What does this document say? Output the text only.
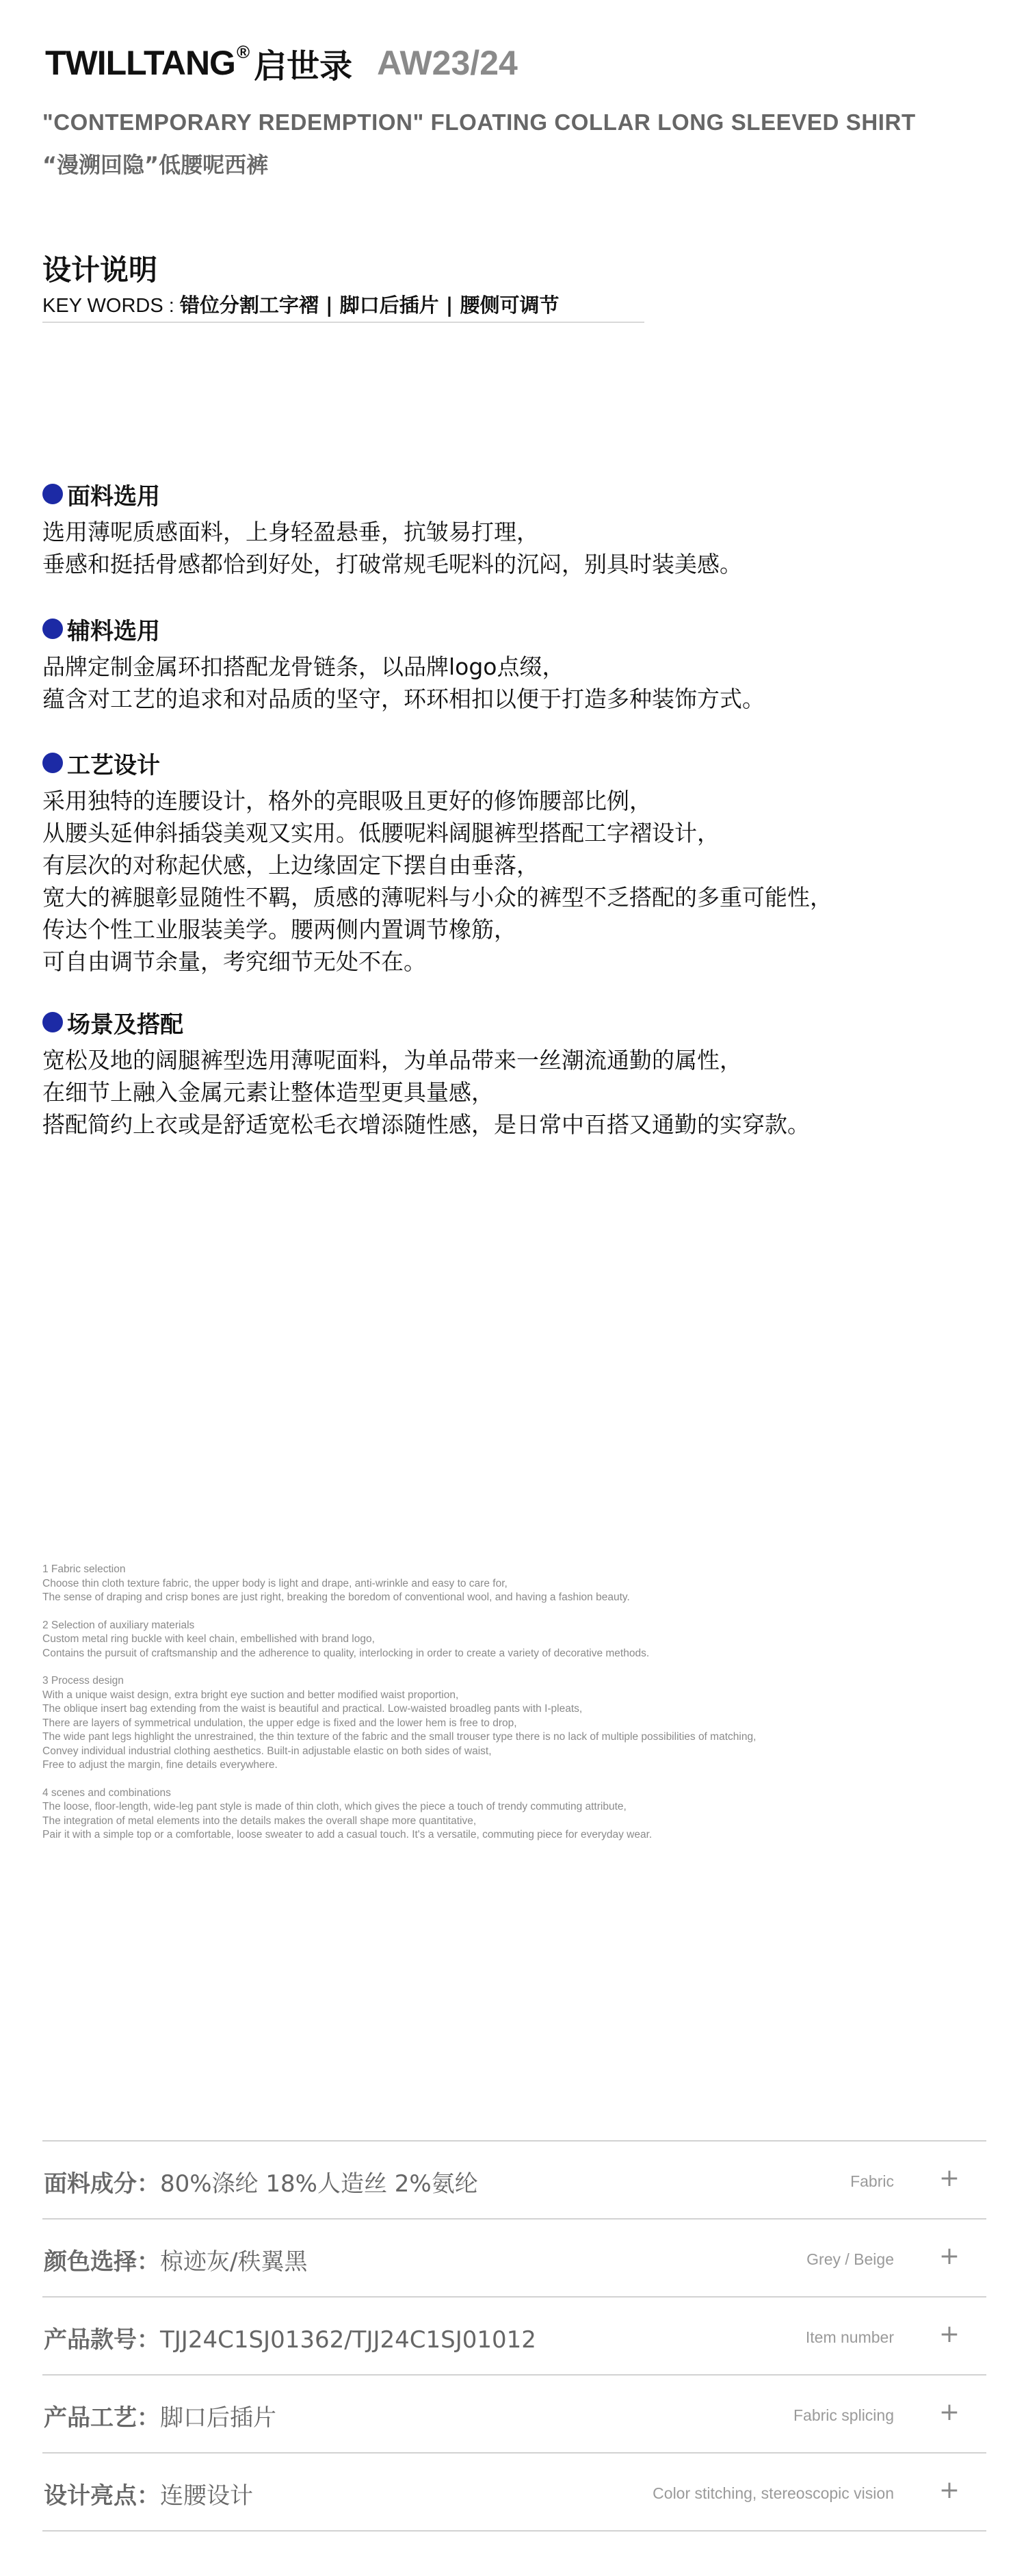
TWILLTANG ® 启世录 AW23/24
"CONTEMPORARY REDEMPTION" FLOATING COLLAR LONG SLEEVED SHIRT
“漫溯回隐”低腰呢西裤
设计说明
KEY WORDS : 错位分割工字褶 | 脚口后插片 | 腰侧可调节
面料选用
选用薄呢质感面料，上身轻盈悬垂，抗皱易打理，
垂感和挺括骨感都恰到好处，打破常规毛呢料的沉闷，别具时装美感。
辅料选用
品牌定制金属环扣搭配龙骨链条，以品牌logo点缀，
蕴含对工艺的追求和对品质的坚守，环环相扣以便于打造多种装饰方式。
工艺设计
采用独特的连腰设计，格外的亮眼吸且更好的修饰腰部比例，
从腰头延伸斜插袋美观又实用。低腰呢料阔腿裤型搭配工字褶设计，
有层次的对称起伏感，上边缘固定下摆自由垂落，
宽大的裤腿彰显随性不羁，质感的薄呢料与小众的裤型不乏搭配的多重可能性，
传达个性工业服装美学。腰两侧内置调节橡筋，
可自由调节余量，考究细节无处不在。
场景及搭配
宽松及地的阔腿裤型选用薄呢面料，为单品带来一丝潮流通勤的属性，
在细节上融入金属元素让整体造型更具量感，
搭配简约上衣或是舒适宽松毛衣增添随性感，是日常中百搭又通勤的实穿款。
1 Fabric selection
Choose thin cloth texture fabric, the upper body is light and drape, anti-wrinkle and easy to care for,
The sense of draping and crisp bones are just right, breaking the boredom of conventional wool, and having a fashion beauty.
2 Selection of auxiliary materials
Custom metal ring buckle with keel chain, embellished with brand logo,
Contains the pursuit of craftsmanship and the adherence to quality, interlocking in order to create a variety of decorative methods.
3 Process design
With a unique waist design, extra bright eye suction and better modified waist proportion,
The oblique insert bag extending from the waist is beautiful and practical. Low-waisted broadleg pants with I-pleats,
There are layers of symmetrical undulation, the upper edge is fixed and the lower hem is free to drop,
The wide pant legs highlight the unrestrained, the thin texture of the fabric and the small trouser type there is no lack of multiple possibilities of matching,
Convey individual industrial clothing aesthetics. Built-in adjustable elastic on both sides of waist,
Free to adjust the margin, fine details everywhere.
4 scenes and combinations
The loose, floor-length, wide-leg pant style is made of thin cloth, which gives the piece a touch of trendy commuting attribute,
The integration of metal elements into the details makes the overall shape more quantitative,
Pair it with a simple top or a comfortable, loose sweater to add a casual touch. It's a versatile, commuting piece for everyday wear.
面料成分：80%涤纶 18%人造丝 2%氨纶	Fabric +
颜色选择：椋迹灰/秩翼黑	Grey / Beige +
产品款号：TJJ24C1SJ01362/TJJ24C1SJ01012	Item number +
产品工艺：脚口后插片	Fabric splicing +
设计亮点：连腰设计	Color stitching, stereoscopic vision +
